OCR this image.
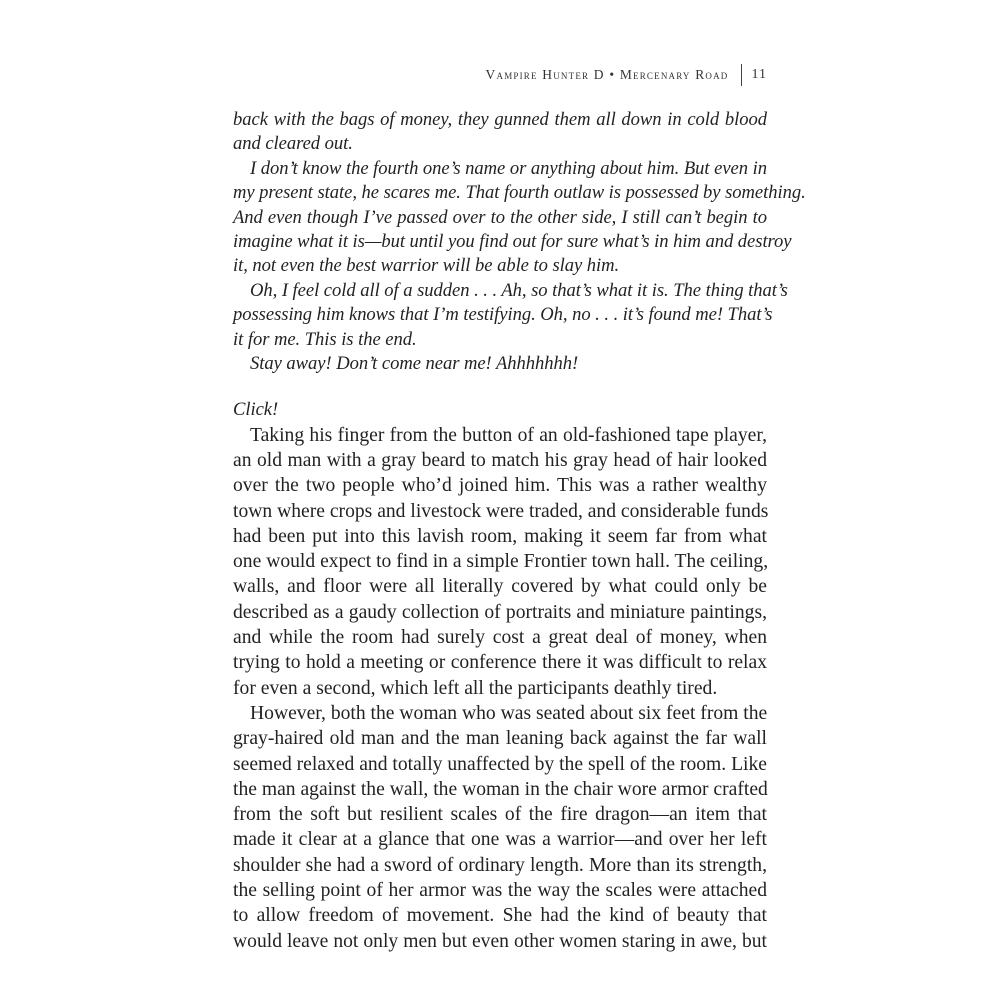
Vampire Hunter D • Mercenary Road 11
back with the bags of money, they gunned them all down in cold blood
and cleared out.
I don’t know the fourth one’s name or anything about him. But even in
my present state, he scares me. That fourth outlaw is possessed by something.
And even though I’ve passed over to the other side, I still can’t begin to
imagine what it is—but until you find out for sure what’s in him and destroy
it, not even the best warrior will be able to slay him.
Oh, I feel cold all of a sudden . . . Ah, so that’s what it is. The thing that’s
possessing him knows that I’m testifying. Oh, no . . . it’s found me! That’s
it for me. This is the end.
Stay away! Don’t come near me! Ahhhhhhh!
Click!
Taking his finger from the button of an old-fashioned tape player,
an old man with a gray beard to match his gray head of hair looked
over the two people who’d joined him. This was a rather wealthy
town where crops and livestock were traded, and considerable funds
had been put into this lavish room, making it seem far from what
one would expect to find in a simple Frontier town hall. The ceiling,
walls, and floor were all literally covered by what could only be
described as a gaudy collection of portraits and miniature paintings,
and while the room had surely cost a great deal of money, when
trying to hold a meeting or conference there it was difficult to relax
for even a second, which left all the participants deathly tired.
However, both the woman who was seated about six feet from the
gray-haired old man and the man leaning back against the far wall
seemed relaxed and totally unaffected by the spell of the room. Like
the man against the wall, the woman in the chair wore armor crafted
from the soft but resilient scales of the fire dragon—an item that
made it clear at a glance that one was a warrior—and over her left
shoulder she had a sword of ordinary length. More than its strength,
the selling point of her armor was the way the scales were attached
to allow freedom of movement. She had the kind of beauty that
would leave not only men but even other women staring in awe, but
